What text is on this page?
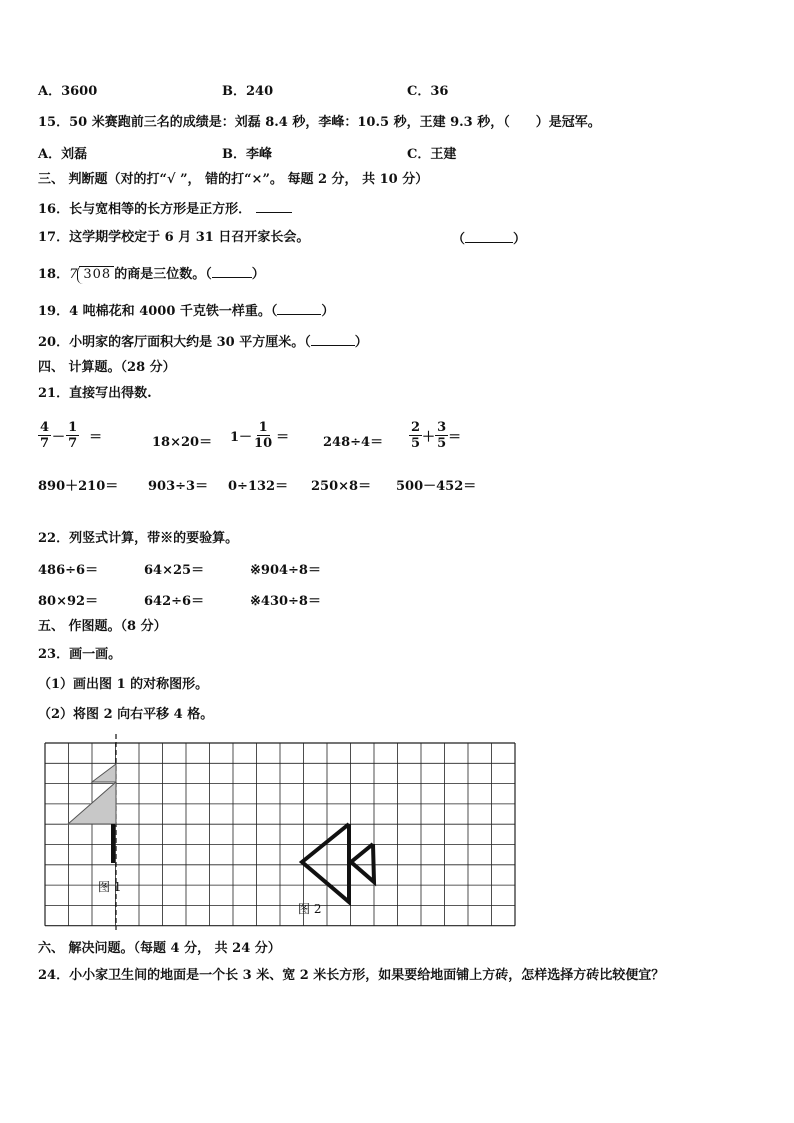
A．3600	B．240	C．36
15．50 米赛跑前三名的成绩是：刘磊 8.4 秒，李峰：10.5 秒，王建 9.3 秒，（　　）是冠军。
A．刘磊	B．李峰	C．王建
三、 判断题（对的打“√ ”， 错的打“×”。 每题 2 分， 共 10 分）
16．长与宽相等的长方形是正方形．
17．这学期学校定于 6 月 31 日召开家长会。	（	）
18．7 308 的商是三位数。（	）
19．4 吨棉花和 4000 千克铁一样重。（	）
20．小明家的客厅面积大约是 30 平方厘米。（	）
四、 计算题。（28 分）
21．直接写出得数.
$\frac{4}{7} - \frac{1}{7}$ ＝	$18\times 20= 1- \frac{1}{10}$ ＝	$248\div 4= \frac{2}{5} + \frac{3}{5}$ ＝
890＋210＝ 903÷3＝ 0÷132＝ 250×8＝ 500－452＝
22．列竖式计算，带※的要验算。
486÷6＝	64×25＝	※904÷8＝
80×92＝	642÷6＝	※430÷8＝
五、 作图题。（8 分）
23．画一画。
（1）画出图 1 的对称图形。
（2）将图 2 向右平移 4 格。
图 1
图 2
六、 解决问题。（每题 4 分， 共 24 分）
24．小小家卫生间的地面是一个长 3 米、宽 2 米长方形，如果要给地面铺上方砖，怎样选择方砖比较便宜？
